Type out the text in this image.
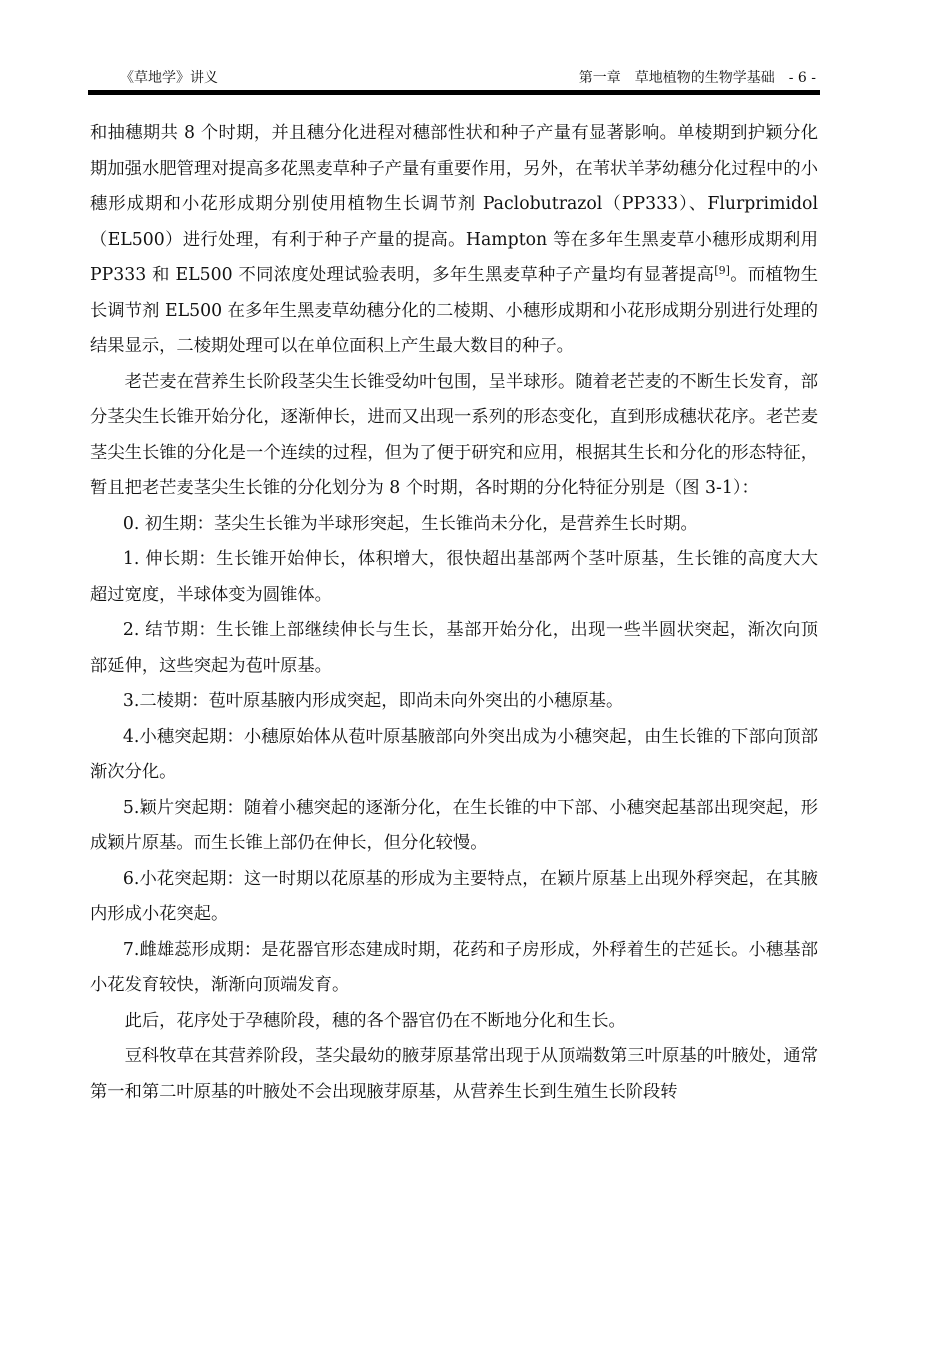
《草地学》讲义	第一章　草地植物的生物学基础　- 6 -

和抽穗期共 8 个时期，并且穗分化进程对穗部性状和种子产量有显著影响。单棱期到护颖分化期加强水肥管理对提高多花黑麦草种子产量有重要作用，另外，在苇状羊茅幼穗分化过程中的小穗形成期和小花形成期分别使用植物生长调节剂 Paclobutrazol（PP333）、Flurprimidol（EL500）进行处理，有利于种子产量的提高。Hampton 等在多年生黑麦草小穗形成期利用 PP333 和 EL500 不同浓度处理试验表明，多年生黑麦草种子产量均有显著提高[9]。而植物生长调节剂 EL500 在多年生黑麦草幼穗分化的二棱期、小穗形成期和小花形成期分别进行处理的结果显示，二棱期处理可以在单位面积上产生最大数目的种子。

老芒麦在营养生长阶段茎尖生长锥受幼叶包围，呈半球形。随着老芒麦的不断生长发育，部分茎尖生长锥开始分化，逐渐伸长，进而又出现一系列的形态变化，直到形成穗状花序。老芒麦茎尖生长锥的分化是一个连续的过程，但为了便于研究和应用，根据其生长和分化的形态特征，暂且把老芒麦茎尖生长锥的分化划分为 8 个时期，各时期的分化特征分别是（图 3-1）：

0. 初生期：茎尖生长锥为半球形突起，生长锥尚未分化，是营养生长时期。

1. 伸长期：生长锥开始伸长，体积增大，很快超出基部两个茎叶原基，生长锥的高度大大超过宽度，半球体变为圆锥体。

2. 结节期：生长锥上部继续伸长与生长，基部开始分化，出现一些半圆状突起，渐次向顶部延伸，这些突起为苞叶原基。

3.二棱期：苞叶原基腋内形成突起，即尚未向外突出的小穗原基。

4.小穗突起期：小穗原始体从苞叶原基腋部向外突出成为小穗突起，由生长锥的下部向顶部渐次分化。

5.颖片突起期：随着小穗突起的逐渐分化，在生长锥的中下部、小穗突起基部出现突起，形成颖片原基。而生长锥上部仍在伸长，但分化较慢。

6.小花突起期：这一时期以花原基的形成为主要特点，在颖片原基上出现外稃突起，在其腋内形成小花突起。

7.雌雄蕊形成期：是花器官形态建成时期，花药和子房形成，外稃着生的芒延长。小穗基部小花发育较快，渐渐向顶端发育。

此后，花序处于孕穗阶段，穗的各个器官仍在不断地分化和生长。

豆科牧草在其营养阶段，茎尖最幼的腋芽原基常出现于从顶端数第三叶原基的叶腋处，通常第一和第二叶原基的叶腋处不会出现腋芽原基，从营养生长到生殖生长阶段转
